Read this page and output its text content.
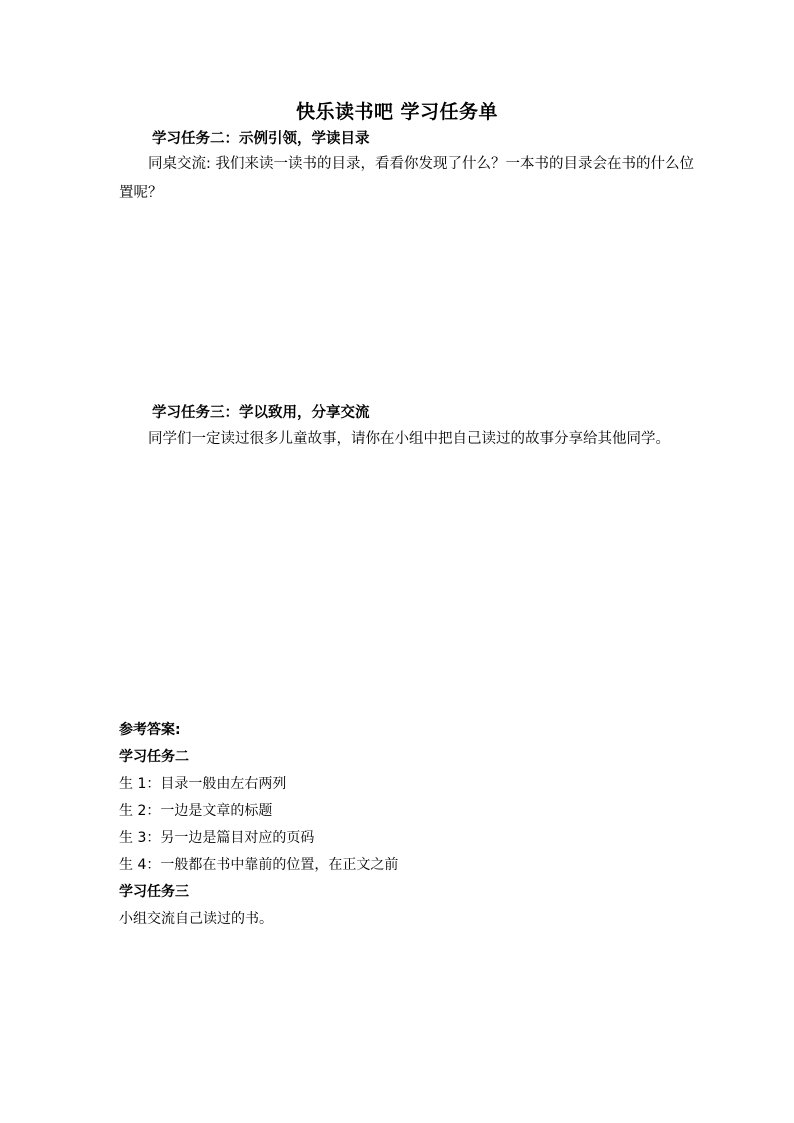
快乐读书吧 学习任务单
学习任务二：示例引领，学读目录
同桌交流: 我们来读一读书的目录，看看你发现了什么？一本书的目录会在书的什么位
置呢？
学习任务三：学以致用，分享交流
同学们一定读过很多儿童故事，请你在小组中把自己读过的故事分享给其他同学。
参考答案:
学习任务二
生 1：目录一般由左右两列
生 2：一边是文章的标题
生 3：另一边是篇目对应的页码
生 4：一般都在书中靠前的位置，在正文之前
学习任务三
小组交流自己读过的书。
